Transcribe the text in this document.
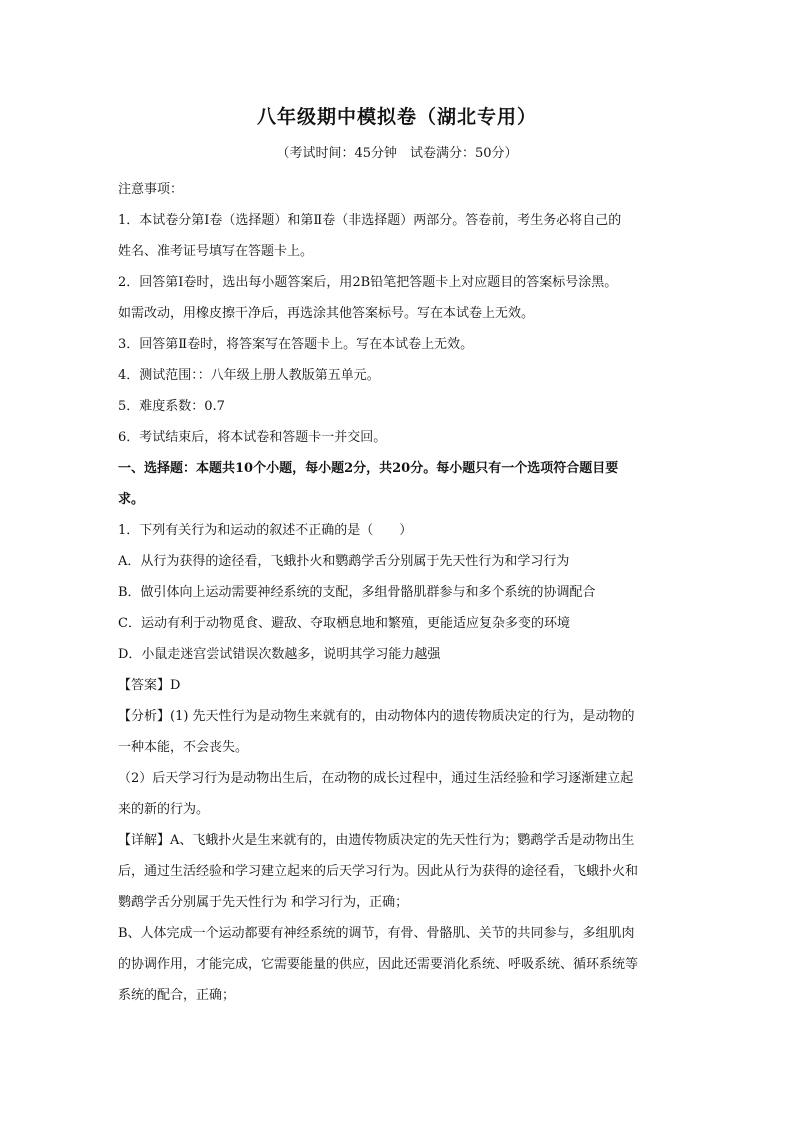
八年级期中模拟卷（湖北专用）
（考试时间：45分钟　试卷满分：50分）
注意事项：
1．本试卷分第Ⅰ卷（选择题）和第Ⅱ卷（非选择题）两部分。答卷前，考生务必将自己的
姓名、准考证号填写在答题卡上。
2．回答第Ⅰ卷时，选出每小题答案后，用2B铅笔把答题卡上对应题目的答案标号涂黑。
如需改动，用橡皮擦干净后，再选涂其他答案标号。写在本试卷上无效。
3．回答第Ⅱ卷时，将答案写在答题卡上。写在本试卷上无效。
4．测试范围：：八年级上册人教版第五单元。
5．难度系数：0.7
6．考试结束后，将本试卷和答题卡一并交回。
一、选择题：本题共10个小题，每小题2分，共20分。每小题只有一个选项符合题目要
求。
1．下列有关行为和运动的叙述不正确的是（　　）
A．从行为获得的途径看，飞蛾扑火和鹦鹉学舌分别属于先天性行为和学习行为
B．做引体向上运动需要神经系统的支配，多组骨骼肌群参与和多个系统的协调配合
C．运动有利于动物觅食、避敌、夺取栖息地和繁殖，更能适应复杂多变的环境
D．小鼠走迷宫尝试错误次数越多，说明其学习能力越强
【答案】D
【分析】(1) 先天性行为是动物生来就有的，由动物体内的遗传物质决定的行为，是动物的
一种本能，不会丧失。
（2）后天学习行为是动物出生后，在动物的成长过程中，通过生活经验和学习逐渐建立起
来的新的行为。
【详解】A、飞蛾扑火是生来就有的，由遗传物质决定的先天性行为；鹦鹉学舌是动物出生
后，通过生活经验和学习建立起来的后天学习行为。因此从行为获得的途径看，飞蛾扑火和
鹦鹉学舌分别属于先天性行为 和学习行为，正确；
B、人体完成一个运动都要有神经系统的调节，有骨、骨骼肌、关节的共同参与，多组肌肉
的协调作用，才能完成，它需要能量的供应，因此还需要消化系统、呼吸系统、循环系统等
系统的配合，正确；
